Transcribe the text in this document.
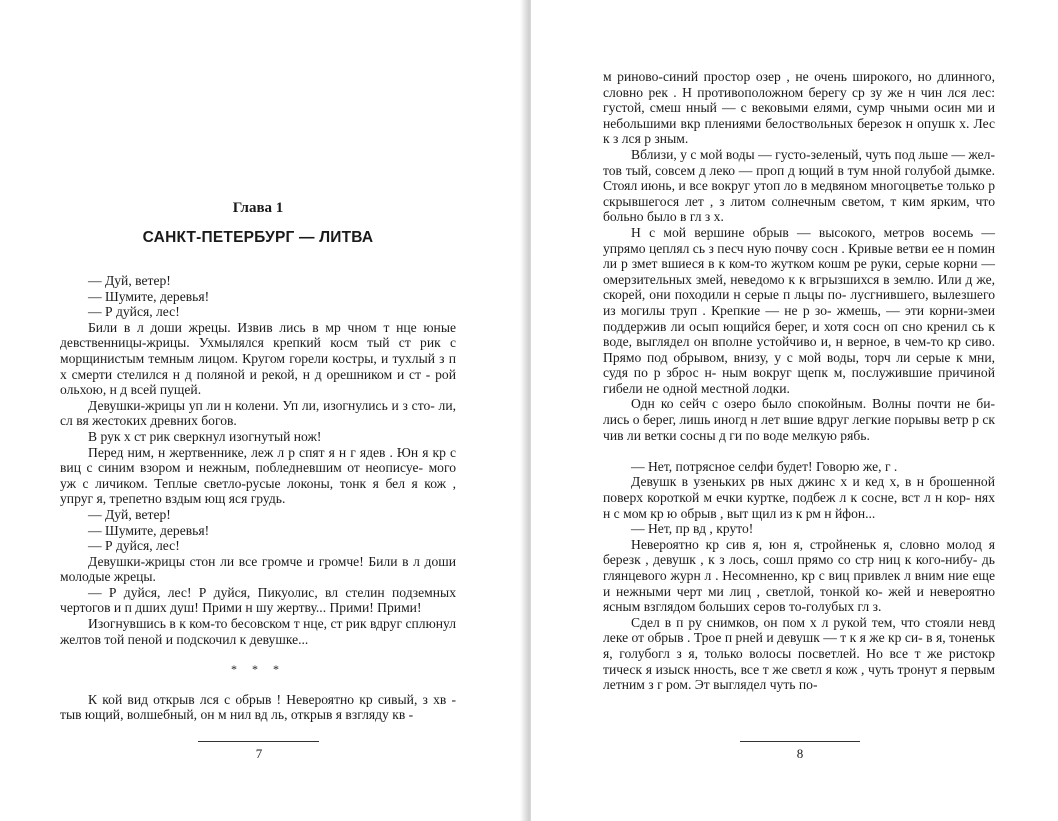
Глава 1
САНКТ-ПЕТЕРБУРГ — ЛИТВА

— Дуй, ветер!

— Шумите, деревья!

— Р дуйся, лес!

Били в л доши жрецы. Извив лись в мр чном т нце юные девственницы-жрицы. Ухмылялся крепкий косм тый ст рик с морщинистым темным лицом. Кругом горели костры, и тухлый з п х смерти стелился н д поляной и рекой, н д орешником и ст - рой ольхою, н д всей пущей.

Девушки-жрицы уп ли н колени. Уп ли, изогнулись и з сто- ли, сл вя жестоких древних богов.

В рук х ст рик сверкнул изогнутый нож!

Перед ним, н жертвеннике, леж л р спят я н г ядев . Юн я кр с виц с синим взором и нежным, побледневшим от неописуе- мого уж с личиком. Теплые светло-русые локоны, тонк я бел я кож , упруг я, трепетно вздым ющ яся грудь.

— Дуй, ветер!

— Шумите, деревья!

— Р дуйся, лес!

Девушки-жрицы стон ли все громче и громче! Били в л доши молодые жрецы.

— Р дуйся, лес! Р дуйся, Пикуолис, вл стелин подземных чертогов и п дших душ! Прими н шу жертву... Прими! Прими!

Изогнувшись в к ком-то бесовском т нце, ст рик вдруг сплюнул желтов той пеной и подскочил к девушке...

* * *

К кой вид открыв лся с обрыв ! Невероятно кр сивый, з хв - тыв ющий, волшебный, он м нил вд ль, открыв я взгляду кв -

7

м риново-синий простор озер , не очень широкого, но длинного, словно рек . Н противоположном берегу ср зу же н чин лся лес: густой, смеш нный — с вековыми елями, сумр чными осин ми и небольшими вкр плениями белоствольных березок н опушк х. Лес к з лся р зным.

Вблизи, у с мой воды — густо-зеленый, чуть под льше — жел- тов тый, совсем д леко — проп д ющий в тум нной голубой дымке. Стоял июнь, и все вокруг утоп ло в медвяном многоцветье только р скрывшегося лет , з литом солнечным светом, т ким ярким, что больно было в гл з х.

Н с мой вершине обрыв — высокого, метров восемь — упрямо цеплял сь з песч ную почву сосн . Кривые ветви ее н помин ли р змет вшиеся в к ком-то жутком кошм ре руки, серые корни — омерзительных змей, неведомо к к вгрызшихся в землю. Или д же, скорей, они походили н серые п льцы по- лусгнившего, вылезшего из могилы труп . Крепкие — не р зо- жмешь, — эти корни-змеи поддержив ли осып ющийся берег, и хотя сосн оп сно кренил сь к воде, выглядел он вполне устойчиво и, н верное, в чем-то кр сиво. Прямо под обрывом, внизу, у с мой воды, торч ли серые к мни, судя по р зброс н- ным вокруг щепк м, послужившие причиной гибели не одной местной лодки.

Одн ко сейч с озеро было спокойным. Волны почти не би- лись о берег, лишь иногд н лет вшие вдруг легкие порывы ветр р ск чив ли ветки сосны д ги по воде мелкую рябь.

— Нет, потрясное селфи будет! Говорю же, г .

Девушк в узеньких рв ных джинс х и кед х, в н брошенной поверх короткой м ечки куртке, подбеж л к сосне, вст л н кор- нях н с мом кр ю обрыв , выт щил из к рм н йфон...

— Нет, пр вд , круто!

Невероятно кр сив я, юн я, стройненьк я, словно молод я березк , девушк , к з лось, сошл прямо со стр ниц к кого-нибу- дь глянцевого журн л . Несомненно, кр с виц привлек л вним ние еще и нежными черт ми лиц , светлой, тонкой ко- жей и невероятно ясным взглядом больших серов то-голубых гл з.

Сдел в п ру снимков, он пом х л рукой тем, что стояли невд леке от обрыв . Трое п рней и девушк — т к я же кр си- в я, тоненьк я, голубогл з я, только волосы посветлей. Но все т же ристокр тическ я изыск нность, все т же светл я кож , чуть тронут я первым летним з г ром. Эт выглядел чуть по-

8
